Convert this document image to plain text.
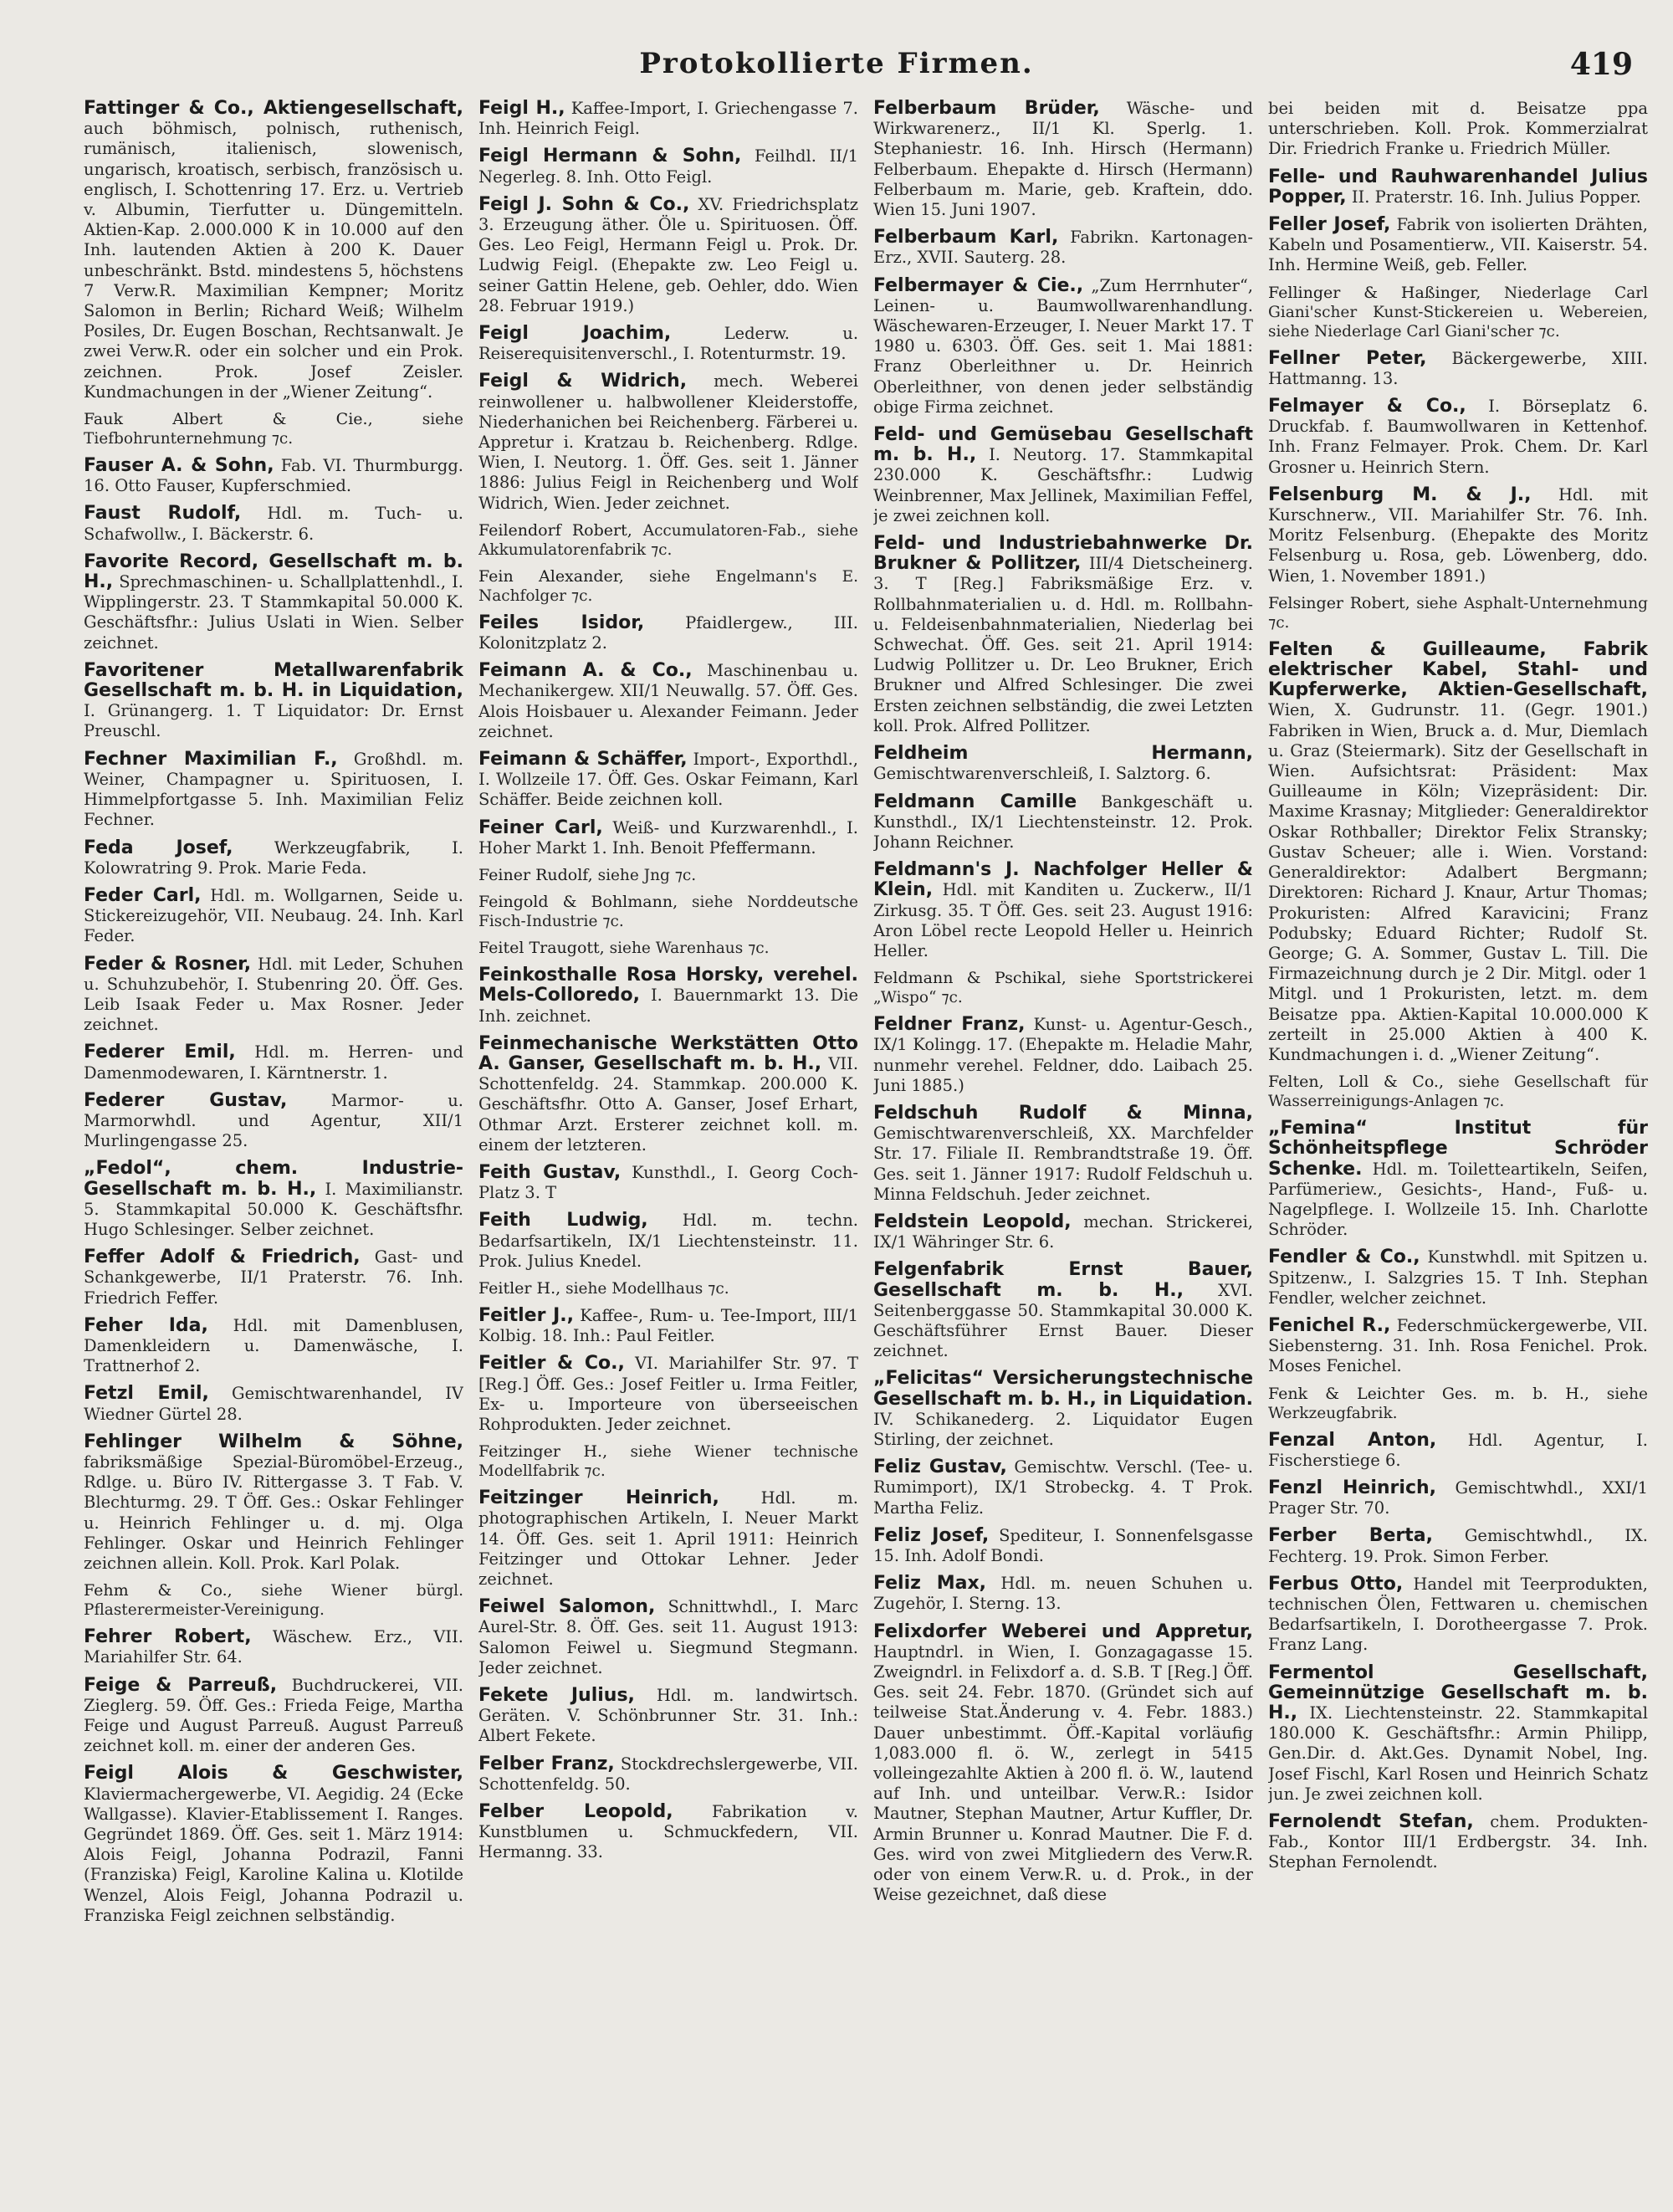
Protokollierte Firmen.	419

Fattinger & Co., Aktiengesellschaft, auch böhmisch, polnisch, ruthenisch, rumänisch, italienisch, slowenisch, ungarisch, kroatisch, serbisch, französisch u. englisch, I. Schottenring 17. Erz. u. Vertrieb v. Albumin, Tierfutter u. Düngemitteln. Aktien-Kap. 2.000.000 K in 10.000 auf den Inh. lautenden Aktien à 200 K. Dauer unbeschränkt. Bstd. mindestens 5, höchstens 7 Verw.R. Maximilian Kempner; Moritz Salomon in Berlin; Richard Weiß; Wilhelm Posiles, Dr. Eugen Boschan, Rechtsanwalt. Je zwei Verw.R. oder ein solcher und ein Prok. zeichnen. Prok. Josef Zeisler. Kundmachungen in der „Wiener Zeitung“.

Fauk Albert & Cie.,	siehe Tiefbohrunternehmung ⁊c.

Fauser A. & Sohn, Fab. VI. Thurmburgg. 16. Otto Fauser, Kupferschmied.

Faust Rudolf, Hdl. m. Tuch- u. Schafwollw., I. Bäckerstr. 6.

Favorite Record, Gesellschaft m. b. H., Sprechmaschinen- u. Schallplattenhdl., I. Wipplingerstr. 23. T Stammkapital 50.000 K. Geschäftsfhr.: Julius Uslati in Wien. Selber zeichnet.

Favoritener Metallwarenfabrik Gesellschaft m. b. H. in Liquidation, I. Grünangerg. 1. T Liquidator: Dr. Ernst Preuschl.

Fechner Maximilian F., Großhdl. m. Weiner, Champagner u. Spirituosen, I. Himmelpfortgasse 5. Inh. Maximilian Feliz Fechner.

Feda Josef,	Werkzeugfabrik, I. Kolowratring 9. Prok. Marie Feda.

Feder Carl, Hdl. m. Wollgarnen, Seide u. Stickereizugehör, VII. Neubaug. 24. Inh. Karl Feder.

Feder & Rosner, Hdl. mit Leder, Schuhen u. Schuhzubehör, I. Stubenring 20. Öff. Ges. Leib Isaak Feder u. Max Rosner. Jeder zeichnet.

Federer Emil, Hdl. m. Herren- und Damenmodewaren, I. Kärntnerstr. 1.

Federer Gustav,	Marmor- u. Marmorwhdl. und Agentur, XII/1 Murlingengasse 25.

„Fedol“, chem. Industrie-Gesellschaft m. b. H., I. Maximilianstr. 5. Stammkapital 50.000 K. Geschäftsfhr. Hugo Schlesinger. Selber zeichnet.

Feffer Adolf & Friedrich, Gast- und Schankgewerbe, II/1 Praterstr. 76. Inh. Friedrich Feffer.

Feher Ida, Hdl. mit Damenblusen, Damenkleidern u. Damenwäsche, I. Trattnerhof 2.

Fetzl Emil, Gemischtwarenhandel, IV Wiedner Gürtel 28.

Fehlinger Wilhelm & Söhne, fabriksmäßige Spezial-Büromöbel-Erzeug., Rdlge. u. Büro IV. Rittergasse 3. T Fab. V. Blechturmg. 29. T Öff. Ges.: Oskar Fehlinger u. Heinrich Fehlinger u. d. mj. Olga Fehlinger. Oskar und Heinrich Fehlinger zeichnen allein. Koll. Prok. Karl Polak.

Fehm & Co., siehe Wiener bürgl. Pflasterermeister-Vereinigung.

Fehrer Robert, Wäschew. Erz., VII. Mariahilfer Str. 64.

Feige & Parreuß, Buchdruckerei, VII. Zieglerg. 59. Öff. Ges.: Frieda Feige, Martha Feige und August Parreuß. August Parreuß zeichnet koll. m. einer der anderen Ges.

Feigl Alois & Geschwister, Klaviermachergewerbe, VI. Aegidig. 24 (Ecke Wallgasse). Klavier-Etablissement I. Ranges. Gegründet 1869. Öff. Ges. seit 1. März 1914: Alois Feigl, Johanna Podrazil, Fanni (Franziska) Feigl, Karoline Kalina u. Klotilde Wenzel, Alois Feigl, Johanna Podrazil u. Franziska Feigl zeichnen selbständig.

Feigl H., Kaffee-Import, I. Griechengasse 7. Inh. Heinrich Feigl.

Feigl Hermann & Sohn, Feilhdl. II/1 Negerleg. 8. Inh. Otto Feigl.

Feigl J. Sohn & Co., XV. Friedrichsplatz 3. Erzeugung äther. Öle u. Spirituosen. Öff. Ges. Leo Feigl, Hermann Feigl u. Prok. Dr. Ludwig Feigl. (Ehepakte zw. Leo Feigl u. seiner Gattin Helene, geb. Oehler, ddo. Wien 28. Februar 1919.)

Feigl Joachim,	Lederw. u. Reiserequisitenverschl., I. Rotenturmstr. 19.

Feigl & Widrich, mech. Weberei reinwollener u. halbwollener Kleiderstoffe, Niederhanichen bei Reichenberg. Färberei u. Appretur i. Kratzau b. Reichenberg. Rdlge. Wien, I. Neutorg. 1. Öff. Ges. seit 1. Jänner 1886: Julius Feigl in Reichenberg und Wolf Widrich, Wien. Jeder zeichnet.

Feilendorf Robert, Accumulatoren-Fab., siehe Akkumulatorenfabrik ⁊c.

Fein Alexander, siehe Engelmann's E. Nachfolger ⁊c.

Feiles Isidor,	Pfaidlergew., III. Kolonitzplatz 2.

Feimann A. & Co., Maschinenbau u. Mechanikergew. XII/1 Neuwallg. 57. Öff. Ges. Alois Hoisbauer u. Alexander Feimann. Jeder zeichnet.

Feimann & Schäffer, Import-, Exporthdl., I. Wollzeile 17. Öff. Ges. Oskar Feimann, Karl Schäffer. Beide zeichnen koll.

Feiner Carl, Weiß- und Kurzwarenhdl., I. Hoher Markt 1. Inh. Benoit Pfeffermann.

Feiner Rudolf, siehe Jng ⁊c.

Feingold & Bohlmann, siehe Norddeutsche Fisch-Industrie ⁊c.

Feitel Traugott, siehe Warenhaus ⁊c.

Feinkosthalle Rosa Horsky, verehel. Mels-Colloredo, I. Bauernmarkt 13. Die Inh. zeichnet.

Feinmechanische Werkstätten Otto A. Ganser, Gesellschaft m. b. H., VII. Schottenfeldg. 24. Stammkap. 200.000 K. Geschäftsfhr. Otto A. Ganser, Josef Erhart, Othmar Arzt. Ersterer zeichnet koll. m. einem der letzteren.

Feith Gustav, Kunsthdl., I. Georg Coch-Platz 3. T

Feith Ludwig, Hdl. m. techn. Bedarfsartikeln, IX/1 Liechtensteinstr. 11. Prok. Julius Knedel.

Feitler H., siehe Modellhaus ⁊c.

Feitler J., Kaffee-, Rum- u. Tee-Import, III/1 Kolbig. 18. Inh.: Paul Feitler.

Feitler & Co., VI. Mariahilfer Str. 97. T [Reg.] Öff. Ges.: Josef Feitler u. Irma Feitler, Ex- u. Importeure von überseeischen Rohprodukten. Jeder zeichnet.

Feitzinger H., siehe Wiener technische Modellfabrik ⁊c.

Feitzinger Heinrich,	Hdl. m. photographischen Artikeln, I. Neuer Markt 14. Öff. Ges. seit 1. April 1911: Heinrich Feitzinger und Ottokar Lehner. Jeder zeichnet.

Feiwel Salomon, Schnittwhdl., I. Marc Aurel-Str. 8. Öff. Ges. seit 11. August 1913: Salomon Feiwel u. Siegmund Stegmann. Jeder zeichnet.

Fekete Julius, Hdl. m. landwirtsch. Geräten. V. Schönbrunner Str. 31. Inh.: Albert Fekete.

Felber Franz, Stockdrechslergewerbe, VII. Schottenfeldg. 50.

Felber Leopold, Fabrikation v. Kunstblumen u. Schmuckfedern, VII. Hermanng. 33.

Felberbaum Brüder, Wäsche- und Wirkwarenerz., II/1 Kl. Sperlg. 1. Stephaniestr. 16. Inh. Hirsch (Hermann) Felberbaum. Ehepakte d. Hirsch (Hermann) Felberbaum m. Marie, geb. Kraftein, ddo. Wien 15. Juni 1907.

Felberbaum Karl, Fabrikn. Kartonagen-Erz., XVII. Sauterg. 28.

Felbermayer & Cie., „Zum Herrnhuter“, Leinen- u. Baumwollwarenhandlung. Wäschewaren-Erzeuger, I. Neuer Markt 17. T 1980 u. 6303. Öff. Ges. seit 1. Mai 1881: Franz Oberleithner u. Dr. Heinrich Oberleithner, von denen jeder selbständig obige Firma zeichnet.

Feld- und Gemüsebau Gesellschaft m. b. H., I. Neutorg. 17. Stammkapital 230.000 K. Geschäftsfhr.: Ludwig Weinbrenner, Max Jellinek, Maximilian Feffel, je zwei zeichnen koll.

Feld- und Industriebahnwerke Dr. Brukner & Pollitzer, III/4 Dietscheinerg. 3. T [Reg.] Fabriksmäßige Erz. v. Rollbahnmaterialien u. d. Hdl. m. Rollbahn- u. Feldeisenbahnmaterialien, Niederlag bei Schwechat. Öff. Ges. seit 21. April 1914: Ludwig Pollitzer u. Dr. Leo Brukner, Erich Brukner und Alfred Schlesinger. Die zwei Ersten zeichnen selbständig, die zwei Letzten koll. Prok. Alfred Pollitzer.

Feldheim Hermann, Gemischtwarenverschleiß, I. Salztorg. 6.

Feldmann Camille Bankgeschäft u. Kunsthdl., IX/1 Liechtensteinstr. 12. Prok. Johann Reichner.

Feldmann's J. Nachfolger Heller & Klein, Hdl. mit Kanditen u. Zuckerw., II/1 Zirkusg. 35. T Öff. Ges. seit 23. August 1916: Aron Löbel recte Leopold Heller u. Heinrich Heller.

Feldmann & Pschikal, siehe Sportstrickerei „Wispo“ ⁊c.

Feldner Franz, Kunst- u. Agentur-Gesch., IX/1 Kolingg. 17. (Ehepakte m. Heladie Mahr, nunmehr verehel. Feldner, ddo. Laibach 25. Juni 1885.)

Feldschuh Rudolf & Minna, Gemischtwarenverschleiß, XX. Marchfelder Str. 17. Filiale II. Rembrandtstraße 19. Öff. Ges. seit 1. Jänner 1917: Rudolf Feldschuh u. Minna Feldschuh. Jeder zeichnet.

Feldstein Leopold, mechan. Strickerei, IX/1 Währinger Str. 6.

Felgenfabrik Ernst Bauer, Gesellschaft m. b. H., XVI. Seitenberggasse 50. Stammkapital 30.000 K. Geschäftsführer Ernst Bauer. Dieser zeichnet.

„Felicitas“ Versicherungstechnische Gesellschaft m. b. H., in Liquidation. IV. Schikanederg. 2. Liquidator Eugen Stirling, der zeichnet.

Feliz Gustav, Gemischtw. Verschl. (Tee- u. Rumimport), IX/1 Strobeckg. 4. T Prok. Martha Feliz.

Feliz Josef, Spediteur, I. Sonnenfelsgasse 15. Inh. Adolf Bondi.

Feliz Max, Hdl. m. neuen Schuhen u. Zugehör, I. Sterng. 13.

Felixdorfer Weberei und Appretur, Hauptndrl. in Wien, I. Gonzagagasse 15. Zweigndrl. in Felixdorf a. d. S.B. T [Reg.] Öff. Ges. seit 24. Febr. 1870. (Gründet sich auf teilweise Stat.Änderung v. 4. Febr. 1883.) Dauer unbestimmt. Öff.-Kapital vorläufig 1,083.000 fl. ö. W., zerlegt in 5415 volleingezahlte Aktien à 200 fl. ö. W., lautend auf Inh. und unteilbar. Verw.R.: Isidor Mautner, Stephan Mautner, Artur Kuffler, Dr. Armin Brunner u. Konrad Mautner. Die F. d. Ges. wird von zwei Mitgliedern des Verw.R. oder von einem Verw.R. u. d. Prok., in der Weise gezeichnet, daß diese

bei beiden mit d. Beisatze ppa unterschrieben. Koll. Prok. Kommerzialrat Dir. Friedrich Franke u. Friedrich Müller.

Felle- und Rauhwarenhandel Julius Popper, II. Praterstr. 16. Inh. Julius Popper.

Feller Josef, Fabrik von isolierten Drähten, Kabeln und Posamentierw., VII. Kaiserstr. 54. Inh. Hermine Weiß, geb. Feller.

Fellinger & Haßinger, Niederlage Carl Giani'scher Kunst-Stickereien u. Webereien, siehe Niederlage Carl Giani'scher ⁊c.

Fellner Peter, Bäckergewerbe, XIII. Hattmanng. 13.

Felmayer & Co., I. Börseplatz 6. Druckfab. f. Baumwollwaren in Kettenhof. Inh. Franz Felmayer. Prok. Chem. Dr. Karl Grosner u. Heinrich Stern.

Felsenburg M. & J., Hdl. mit Kurschnerw., VII. Mariahilfer Str. 76. Inh. Moritz Felsenburg. (Ehepakte des Moritz Felsenburg u. Rosa, geb. Löwenberg, ddo. Wien, 1. November 1891.)

Felsinger Robert, siehe Asphalt-Unternehmung ⁊c.

Felten & Guilleaume, Fabrik elektrischer Kabel, Stahl- und Kupferwerke, Aktien-Gesellschaft, Wien, X. Gudrunstr. 11. (Gegr. 1901.) Fabriken in Wien, Bruck a. d. Mur, Diemlach u. Graz (Steiermark). Sitz der Gesellschaft in Wien. Aufsichtsrat: Präsident: Max Guilleaume in Köln; Vizepräsident: Dir. Maxime Krasnay; Mitglieder: Generaldirektor Oskar Rothballer; Direktor Felix Stransky; Gustav Scheuer; alle i. Wien. Vorstand: Generaldirektor: Adalbert Bergmann; Direktoren: Richard J. Knaur, Artur Thomas; Prokuristen: Alfred Karavicini; Franz Podubsky; Eduard Richter; Rudolf St. George; G. A. Sommer, Gustav L. Till. Die Firmazeichnung durch je 2 Dir. Mitgl. oder 1 Mitgl. und 1 Prokuristen, letzt. m. dem Beisatze ppa. Aktien-Kapital 10.000.000 K zerteilt in 25.000 Aktien à 400 K. Kundmachungen i. d. „Wiener Zeitung“.

Felten, Loll & Co., siehe Gesellschaft für Wasserreinigungs-Anlagen ⁊c.

„Femina“ Institut für Schönheitspflege Schröder Schenke. Hdl. m. Toiletteartikeln, Seifen, Parfümeriew., Gesichts-, Hand-, Fuß- u. Nagelpflege. I. Wollzeile 15. Inh. Charlotte Schröder.

Fendler & Co., Kunstwhdl. mit Spitzen u. Spitzenw., I. Salzgries 15. T Inh. Stephan Fendler, welcher zeichnet.

Fenichel R., Federschmückergewerbe, VII. Siebensterng. 31. Inh. Rosa Fenichel. Prok. Moses Fenichel.

Fenk & Leichter Ges. m. b. H., siehe Werkzeugfabrik.

Fenzal Anton, Hdl. Agentur, I. Fischerstiege 6.

Fenzl Heinrich, Gemischtwhdl., XXI/1 Prager Str. 70.

Ferber Berta, Gemischtwhdl., IX. Fechterg. 19. Prok. Simon Ferber.

Ferbus Otto, Handel mit Teerprodukten, technischen Ölen, Fettwaren u. chemischen Bedarfsartikeln, I. Dorotheergasse 7. Prok. Franz Lang.

Fermentol Gesellschaft, Gemeinnützige Gesellschaft m. b. H., IX. Liechtensteinstr. 22. Stammkapital 180.000 K. Geschäftsfhr.: Armin Philipp, Gen.Dir. d. Akt.Ges. Dynamit Nobel, Ing. Josef Fischl, Karl Rosen und Heinrich Schatz jun. Je zwei zeichnen koll.

Fernolendt Stefan, chem. Produkten-Fab., Kontor III/1 Erdbergstr. 34. Inh. Stephan Fernolendt.
